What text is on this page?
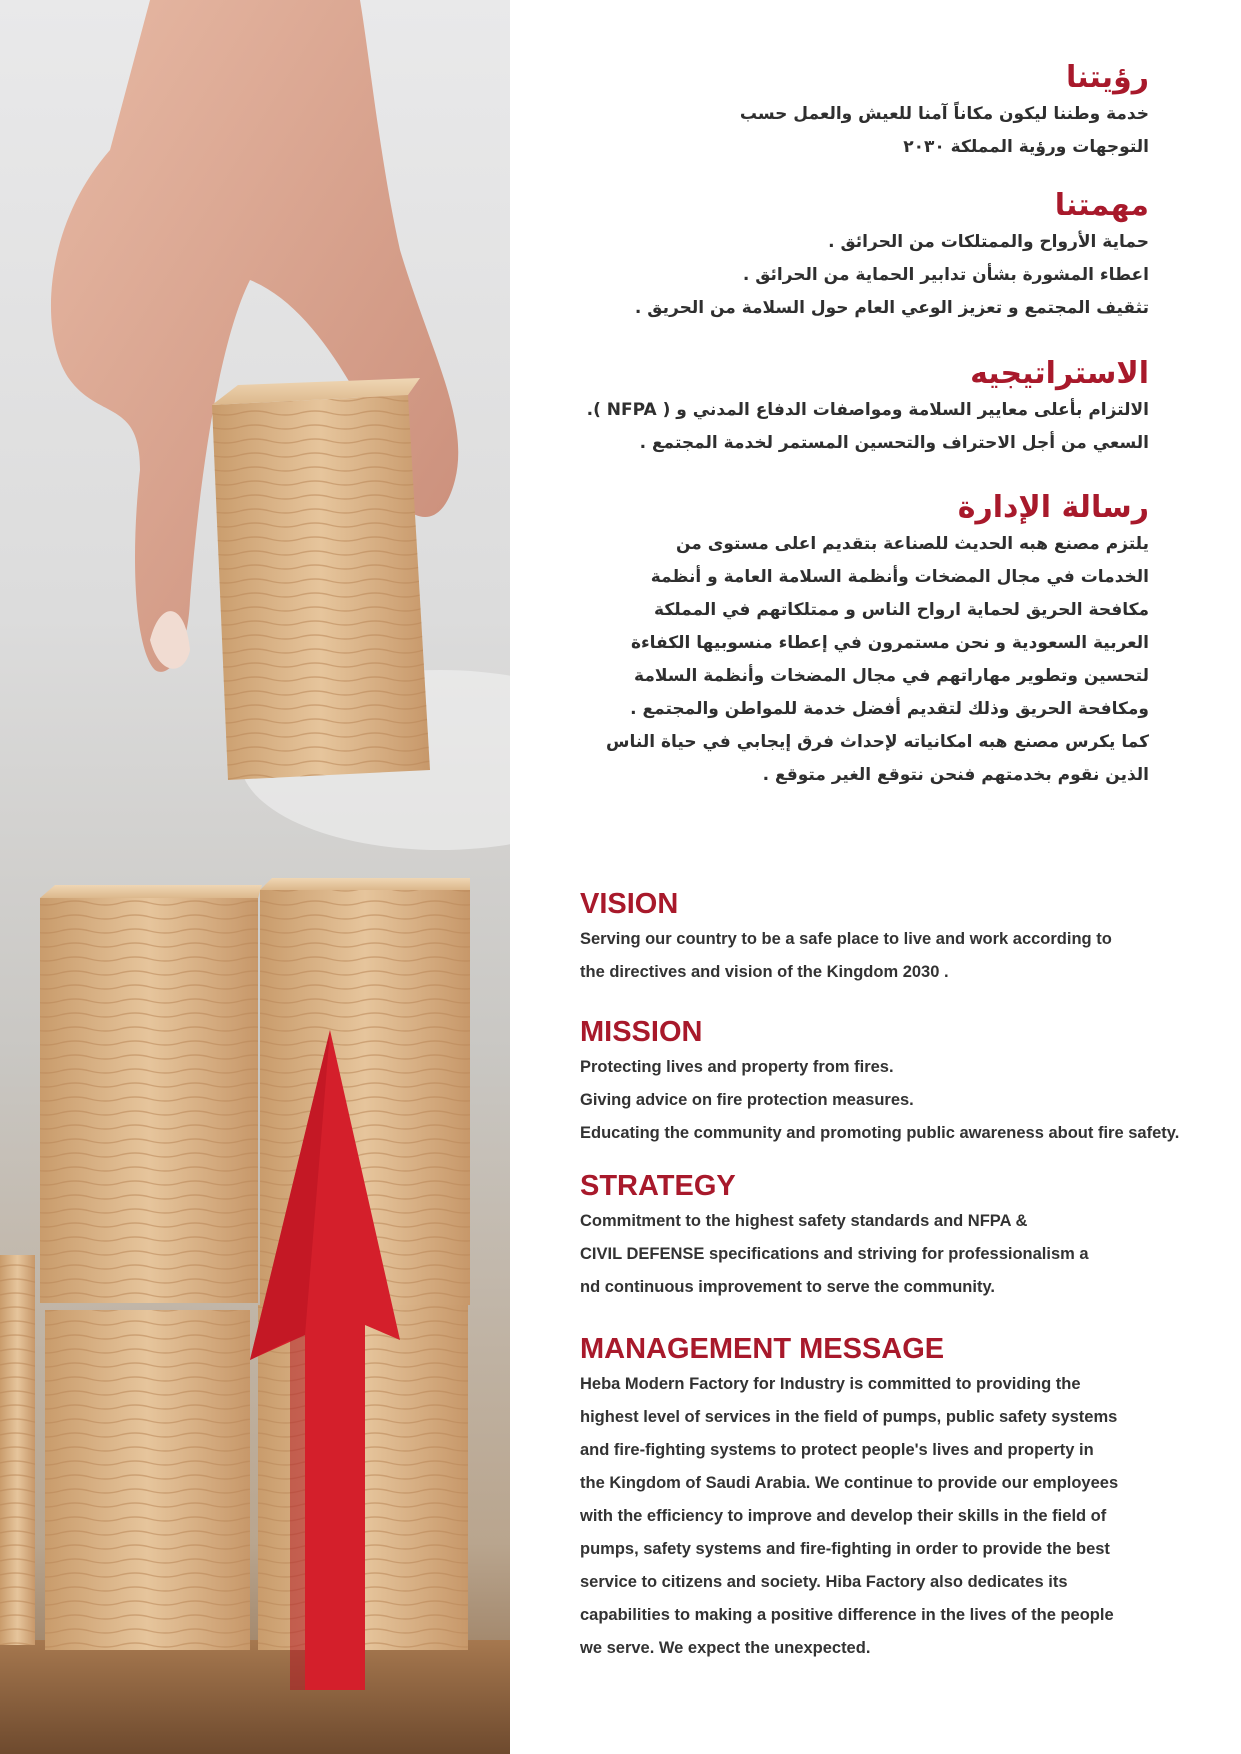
رؤيتنا

خدمة وطننا ليكون مكاناً آمنا للعيش والعمل حسب

التوجهات ورؤية المملكة ٢٠٣٠

مهمتنا

حماية الأرواح والممتلكات من الحرائق .

اعطاء المشورة بشأن تدابير الحماية من الحرائق .

تثقيف المجتمع و تعزيز الوعي العام حول السلامة من الحريق .

الاستراتيجيه

الالتزام بأعلى معايير السلامة ومواصفات الدفاع المدني و ( NFPA ).

السعي من أجل الاحتراف والتحسين المستمر لخدمة المجتمع .

رسالة الإدارة

يلتزم مصنع هبه الحديث للصناعة بتقديم اعلى مستوى من

الخدمات في مجال المضخات وأنظمة السلامة العامة و أنظمة

مكافحة الحريق لحماية ارواح الناس و ممتلكاتهم في المملكة

العربية السعودية و نحن مستمرون في إعطاء منسوبيها الكفاءة

لتحسين وتطوير مهاراتهم في مجال المضخات وأنظمة السلامة

ومكافحة الحريق وذلك لتقديم أفضل خدمة للمواطن والمجتمع .

كما يكرس مصنع هبه امكانياته لإحداث فرق إيجابي في حياة الناس

الذين نقوم بخدمتهم فنحن نتوقع الغير متوقع .

VISION

Serving our country to be a safe place to live and work according to

the directives and vision of the Kingdom 2030 .

MISSION

Protecting lives and property from fires.

Giving advice on fire protection measures.

Educating the community and promoting public awareness about fire safety.

STRATEGY

Commitment to the highest safety standards and NFPA &

CIVIL DEFENSE specifications and striving for professionalism a

nd continuous improvement to serve the community.

MANAGEMENT MESSAGE

Heba Modern Factory for Industry is committed to providing the

highest level of services in the field of pumps, public safety systems

and fire-fighting systems to protect people's lives and property in

the Kingdom of Saudi Arabia. We continue to provide our employees

with the efficiency to improve and develop their skills in the field of

pumps, safety systems and fire-fighting in order to provide the best

service to citizens and society. Hiba Factory also dedicates its

capabilities to making a positive difference in the lives of the people

we serve. We expect the unexpected.
